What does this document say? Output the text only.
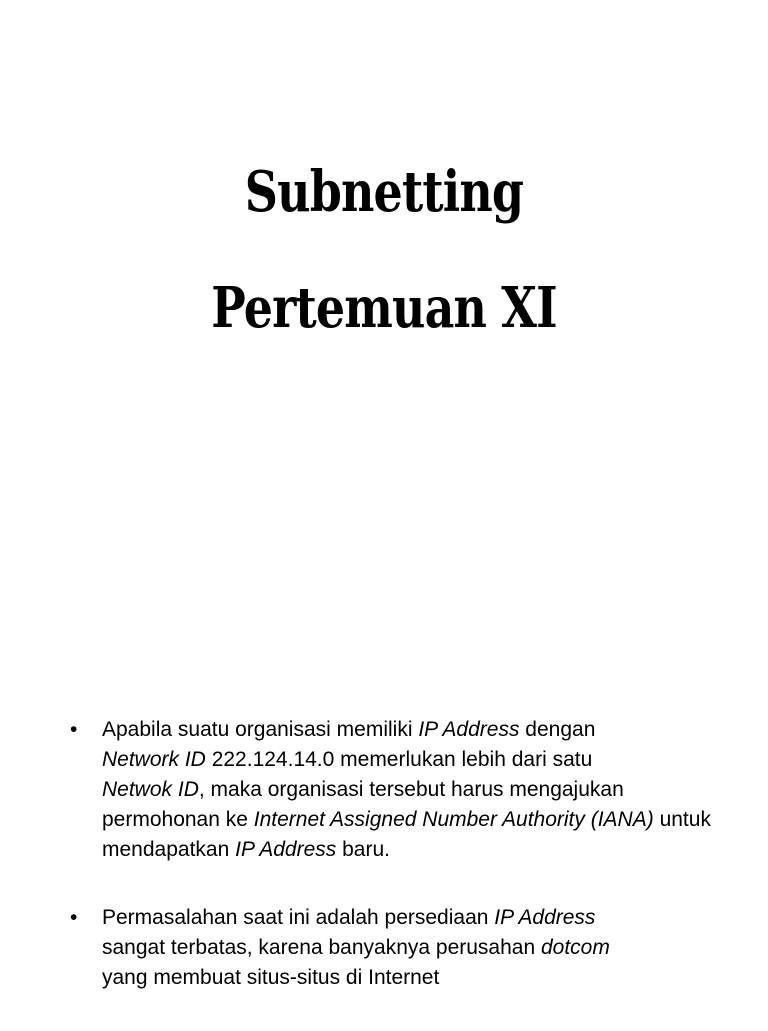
Subnetting
Pertemuan XI
•	Apabila suatu organisasi memiliki IP Address dengan
Network ID 222.124.14.0 memerlukan lebih dari satu
Netwok ID, maka organisasi tersebut harus mengajukan permohonan ke Internet Assigned Number Authority (IANA) untuk mendapatkan IP Address baru.
•	Permasalahan saat ini adalah persediaan IP Address
sangat terbatas, karena banyaknya perusahan dotcom
yang membuat situs-situs di Internet
